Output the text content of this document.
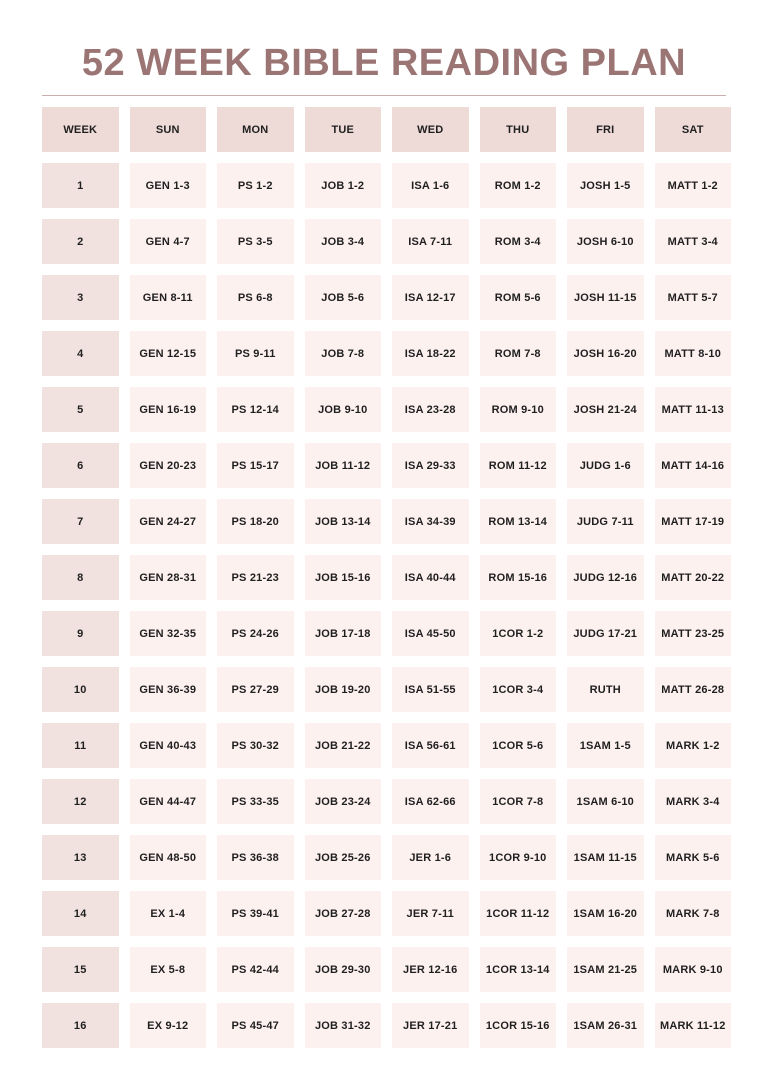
52 WEEK BIBLE READING PLAN
WEEK	SUN	MON	TUE	WED	THU	FRI	SAT
1	GEN 1-3	PS 1-2	JOB 1-2	ISA 1-6	ROM 1-2	JOSH 1-5	MATT 1-2
2	GEN 4-7	PS 3-5	JOB 3-4	ISA 7-11	ROM 3-4	JOSH 6-10	MATT 3-4
3	GEN 8-11	PS 6-8	JOB 5-6	ISA 12-17	ROM 5-6	JOSH 11-15	MATT 5-7
4	GEN 12-15	PS 9-11	JOB 7-8	ISA 18-22	ROM 7-8	JOSH 16-20	MATT 8-10
5	GEN 16-19	PS 12-14	JOB 9-10	ISA 23-28	ROM 9-10	JOSH 21-24	MATT 11-13
6	GEN 20-23	PS 15-17	JOB 11-12	ISA 29-33	ROM 11-12	JUDG 1-6	MATT 14-16
7	GEN 24-27	PS 18-20	JOB 13-14	ISA 34-39	ROM 13-14	JUDG 7-11	MATT 17-19
8	GEN 28-31	PS 21-23	JOB 15-16	ISA 40-44	ROM 15-16	JUDG 12-16	MATT 20-22
9	GEN 32-35	PS 24-26	JOB 17-18	ISA 45-50	1COR 1-2	JUDG 17-21	MATT 23-25
10	GEN 36-39	PS 27-29	JOB 19-20	ISA 51-55	1COR 3-4	RUTH	MATT 26-28
11	GEN 40-43	PS 30-32	JOB 21-22	ISA 56-61	1COR 5-6	1SAM 1-5	MARK 1-2
12	GEN 44-47	PS 33-35	JOB 23-24	ISA 62-66	1COR 7-8	1SAM 6-10	MARK 3-4
13	GEN 48-50	PS 36-38	JOB 25-26	JER 1-6	1COR 9-10	1SAM 11-15	MARK 5-6
14	EX 1-4	PS 39-41	JOB 27-28	JER 7-11	1COR 11-12	1SAM 16-20	MARK 7-8
15	EX 5-8	PS 42-44	JOB 29-30	JER 12-16	1COR 13-14	1SAM 21-25	MARK 9-10
16	EX 9-12	PS 45-47	JOB 31-32	JER 17-21	1COR 15-16	1SAM 26-31	MARK 11-12
